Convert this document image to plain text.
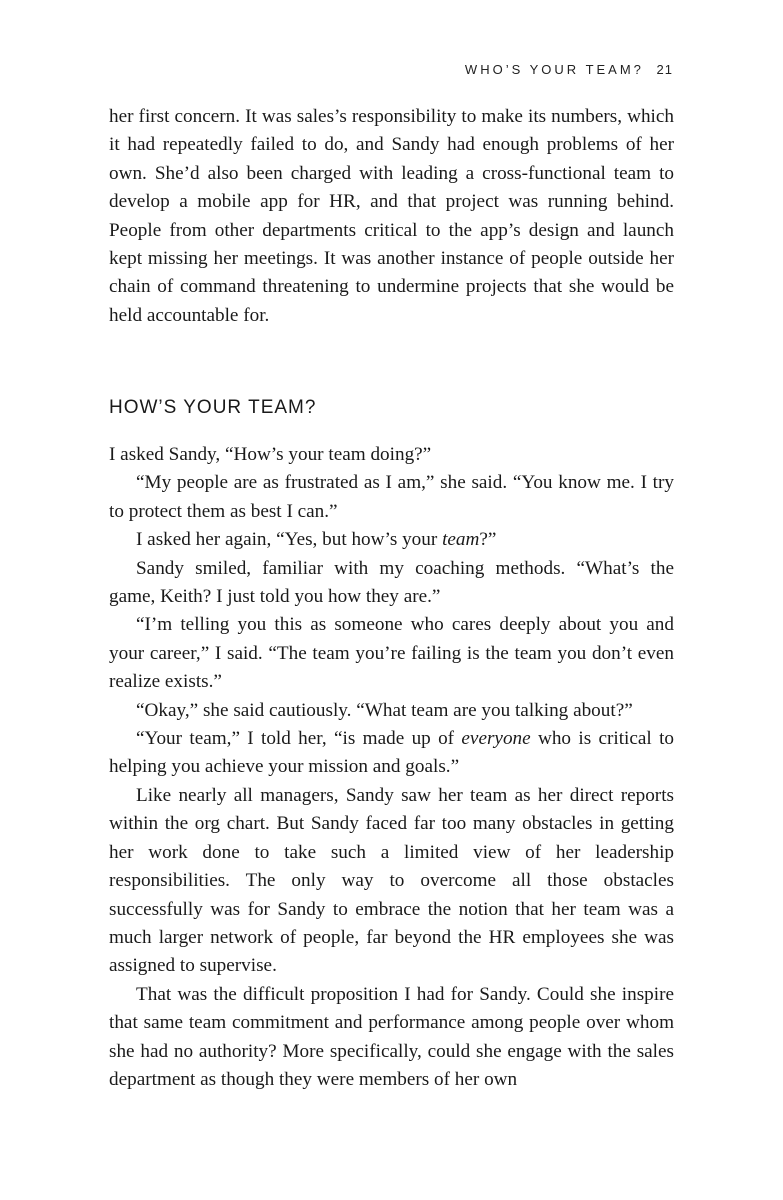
WHO’S YOUR TEAM? 21

her first concern. It was sales’s responsibility to make its numbers, which it had repeatedly failed to do, and Sandy had enough problems of her own. She’d also been charged with leading a cross-functional team to develop a mobile app for HR, and that project was running behind. People from other departments critical to the app’s design and launch kept missing her meetings. It was another instance of people outside her chain of command threatening to undermine projects that she would be held accountable for.

HOW’S YOUR TEAM?

I asked Sandy, “How’s your team doing?”

“My people are as frustrated as I am,” she said. “You know me. I try to protect them as best I can.”

I asked her again, “Yes, but how’s your team?”

Sandy smiled, familiar with my coaching methods. “What’s the game, Keith? I just told you how they are.”

“I’m telling you this as someone who cares deeply about you and your career,” I said. “The team you’re failing is the team you don’t even realize exists.”

“Okay,” she said cautiously. “What team are you talking about?”

“Your team,” I told her, “is made up of everyone who is critical to helping you achieve your mission and goals.”

Like nearly all managers, Sandy saw her team as her direct reports within the org chart. But Sandy faced far too many obstacles in getting her work done to take such a limited view of her leadership responsibilities. The only way to overcome all those obstacles successfully was for Sandy to embrace the notion that her team was a much larger network of people, far beyond the HR employees she was assigned to supervise.

That was the difficult proposition I had for Sandy. Could she inspire that same team commitment and performance among people over whom she had no authority? More specifically, could she engage with the sales department as though they were members of her own
